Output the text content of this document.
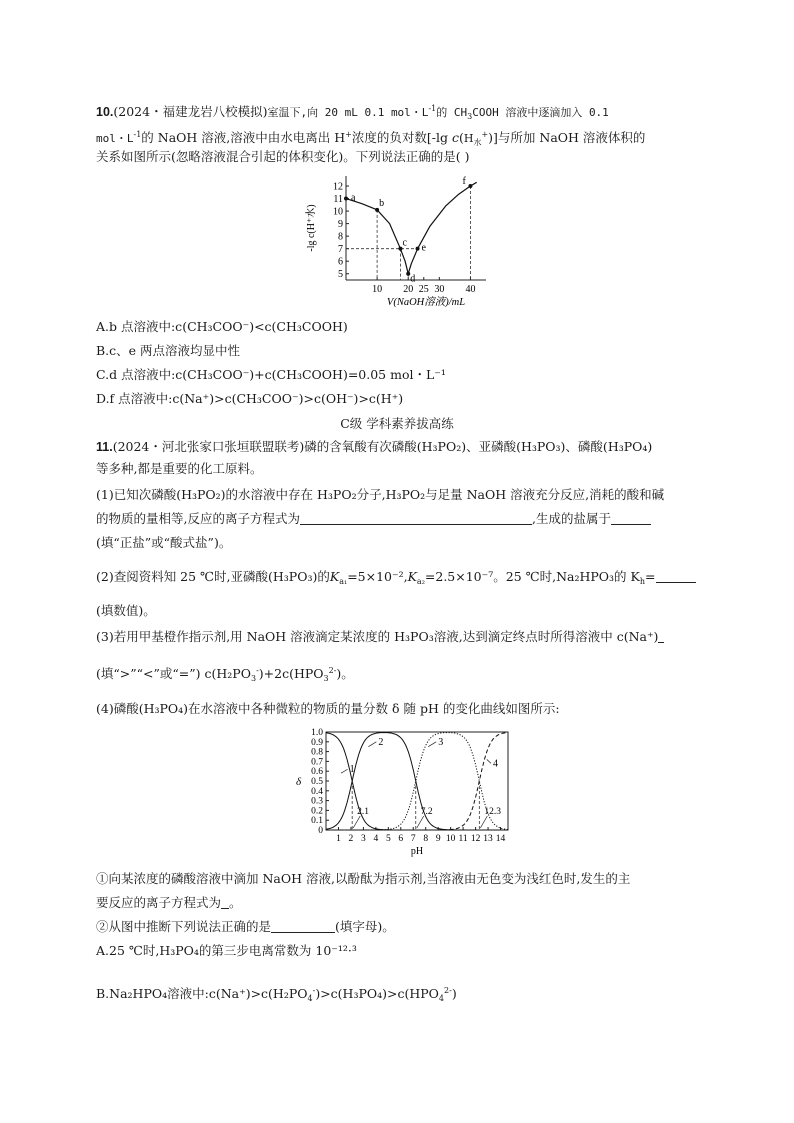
10.(2024・福建龙岩八校模拟)室温下,向 20 mL 0.1 mol・$L^{-1}$的 $CH_3COOH$ 溶液中逐滴加入 0.1
mol・$L^{-1}$的 NaOH 溶液,溶液中由水电离出 H+浓度的负对数[-lg $c(H_水^+)$]与所加 NaOH 溶液体积的
关系如图所示(忽略溶液混合引起的体积变化)。下列说法正确的是( )
5
6
7
8
9
10
11
12
10 20 25 30 40
V(NaOH溶液)/mL
-lg c(H⁺水)
a b
c
d
e
f
A.b 点溶液中:c(CH₃COO⁻)<c(CH₃COOH)
B.c、e 两点溶液均显中性
C.d 点溶液中:c(CH₃COO⁻)+c(CH₃COOH)=0.05 mol・L⁻¹
D.f 点溶液中:c(Na⁺)>c(CH₃COO⁻)>c(OH⁻)>c(H⁺)
C级 学科素养拔高练
11.(2024・河北张家口张垣联盟联考)磷的含氧酸有次磷酸(H₃PO₂)、亚磷酸(H₃PO₃)、磷酸(H₃PO₄)
等多种,都是重要的化工原料。
(1)已知次磷酸(H₃PO₂)的水溶液中存在 H₃PO₂分子,H₃PO₂与足量 NaOH 溶液充分反应,消耗的酸和碱
的物质的量相等,反应的离子方程式为	,生成的盐属于
(填“正盐”或“酸式盐”)。
(2)查阅资料知 25 ℃时,亚磷酸(H₃PO₃)的$K_{a_1}=5\times 10^{-2},K_{a_2}=2.5\times 10^{-7}$。25 ℃时,Na₂HPO₃的 $K_h=$
(填数值)。
(3)若用甲基橙作指示剂,用 NaOH 溶液滴定某浓度的 H₃PO₃溶液,达到滴定终点时所得溶液中 c(Na⁺)
(填“>”“<”或“=”) $c(H_2PO_3^-)+2c(HPO_3^{2-})$。
(4)磷酸(H₃PO₄)在水溶液中各种微粒的物质的量分数 δ 随 pH 的变化曲线如图所示:
0
0.1
0.2
0.3
0.4
0.5
0.6
0.7
0.8
0.9
1.0
1 2 3 4 5 6 7 8 9 10 11 12 13 14
pH
δ
2.1	7.2	12.3
1
2	3
4
①向某浓度的磷酸溶液中滴加 NaOH 溶液,以酚酞为指示剂,当溶液由无色变为浅红色时,发生的主
要反应的离子方程式为 。
②从图中推断下列说法正确的是	(填字母)。
A.25 ℃时,H₃PO₄的第三步电离常数为 10⁻¹²·³
B.Na₂HPO₄溶液中$:c(Na^+)>c(H_2PO_4^-)>c(H_3PO_4)>c(HPO_4^{2-})$
